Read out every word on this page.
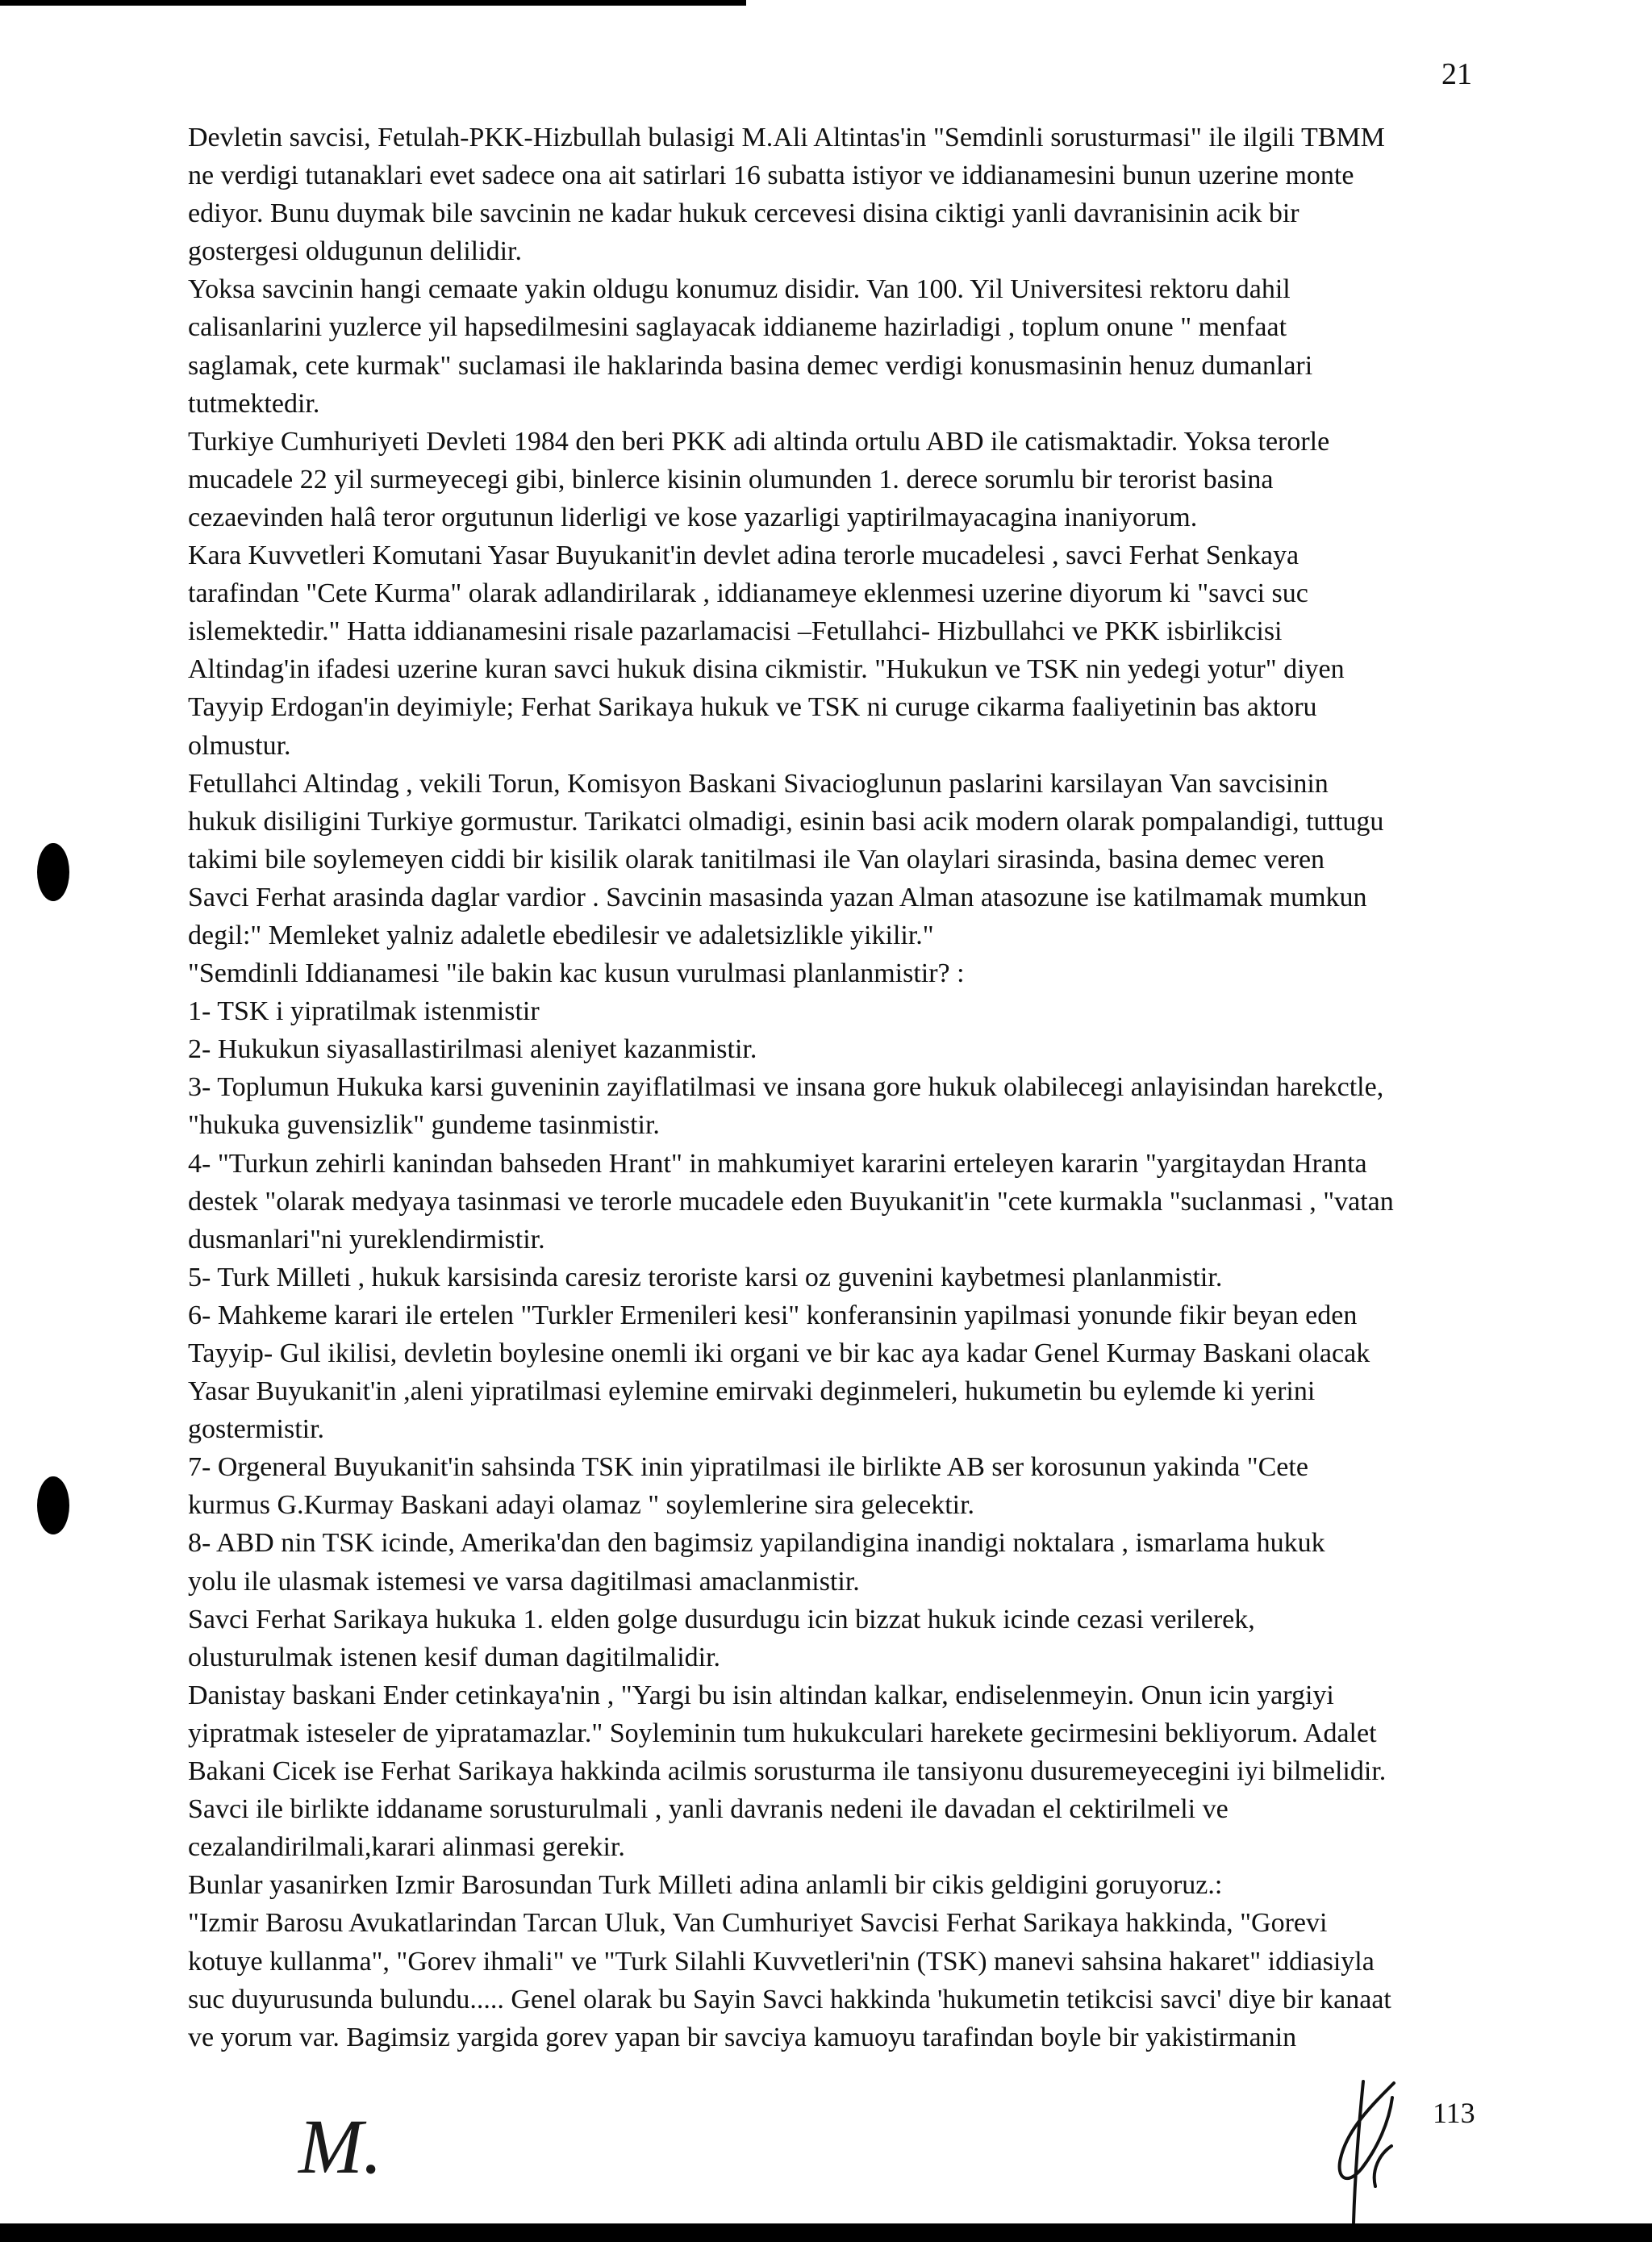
21

Devletin savcisi, Fetulah-PKK-Hizbullah bulasigi M.Ali Altintas'in "Semdinli sorusturmasi" ile ilgili TBMM

ne verdigi tutanaklari evet sadece ona ait satirlari 16 subatta istiyor ve iddianamesini bunun uzerine monte

ediyor. Bunu duymak bile savcinin ne kadar hukuk cercevesi disina ciktigi yanli davranisinin acik bir

gostergesi oldugunun delilidir.

Yoksa savcinin hangi cemaate yakin oldugu konumuz disidir. Van 100. Yil Universitesi rektoru dahil

calisanlarini yuzlerce yil hapsedilmesini saglayacak iddianeme hazirladigi , toplum onune " menfaat

saglamak, cete kurmak" suclamasi ile haklarinda basina demec verdigi konusmasinin henuz dumanlari

tutmektedir.

Turkiye Cumhuriyeti Devleti 1984 den beri PKK adi altinda ortulu ABD ile catismaktadir. Yoksa terorle

mucadele 22 yil surmeyecegi gibi, binlerce kisinin olumunden 1. derece sorumlu bir terorist basina

cezaevinden halâ teror orgutunun liderligi ve kose yazarligi yaptirilmayacagina inaniyorum.

Kara Kuvvetleri Komutani Yasar Buyukanit'in devlet adina terorle mucadelesi , savci Ferhat Senkaya

tarafindan "Cete Kurma" olarak adlandirilarak , iddianameye eklenmesi uzerine diyorum ki "savci suc

islemektedir." Hatta iddianamesini risale pazarlamacisi –Fetullahci- Hizbullahci ve PKK isbirlikcisi

Altindag'in ifadesi uzerine kuran savci hukuk disina cikmistir. "Hukukun ve TSK nin yedegi yotur" diyen

Tayyip Erdogan'in deyimiyle; Ferhat Sarikaya hukuk ve TSK ni curuge cikarma faaliyetinin bas aktoru

olmustur.

Fetullahci Altindag , vekili Torun, Komisyon Baskani Sivacioglunun paslarini karsilayan Van savcisinin

hukuk disiligini Turkiye gormustur. Tarikatci olmadigi, esinin basi acik modern olarak pompalandigi, tuttugu

takimi bile soylemeyen ciddi bir kisilik olarak tanitilmasi ile Van olaylari sirasinda, basina demec veren

Savci Ferhat arasinda daglar vardior . Savcinin masasinda yazan Alman atasozune ise katilmamak mumkun

degil:" Memleket yalniz adaletle ebedilesir ve adaletsizlikle yikilir."

"Semdinli Iddianamesi "ile bakin kac kusun vurulmasi planlanmistir? :

1- TSK i yipratilmak istenmistir

2- Hukukun siyasallastirilmasi aleniyet kazanmistir.

3- Toplumun Hukuka karsi guveninin zayiflatilmasi ve insana gore hukuk olabilecegi anlayisindan harekctle,

"hukuka guvensizlik" gundeme tasinmistir.

4- "Turkun zehirli kanindan bahseden Hrant" in mahkumiyet kararini erteleyen kararin "yargitaydan Hranta

destek "olarak medyaya tasinmasi ve terorle mucadele eden Buyukanit'in "cete kurmakla "suclanmasi , "vatan

dusmanlari"ni yureklendirmistir.

5- Turk Milleti , hukuk karsisinda caresiz teroriste karsi oz guvenini kaybetmesi planlanmistir.

6- Mahkeme karari ile ertelen "Turkler Ermenileri kesi" konferansinin yapilmasi yonunde fikir beyan eden

Tayyip- Gul ikilisi, devletin boylesine onemli iki organi ve bir kac aya kadar Genel Kurmay Baskani olacak

Yasar Buyukanit'in ,aleni yipratilmasi eylemine emirvaki deginmeleri, hukumetin bu eylemde ki yerini

gostermistir.

7- Orgeneral Buyukanit'in sahsinda TSK inin yipratilmasi ile birlikte AB ser korosunun yakinda "Cete

kurmus G.Kurmay Baskani adayi olamaz " soylemlerine sira gelecektir.

8- ABD nin TSK icinde, Amerika'dan den bagimsiz yapilandigina inandigi noktalara , ismarlama hukuk

yolu ile ulasmak istemesi ve varsa dagitilmasi amaclanmistir.

Savci Ferhat Sarikaya hukuka 1. elden golge dusurdugu icin bizzat hukuk icinde cezasi verilerek,

olusturulmak istenen kesif duman dagitilmalidir.

Danistay baskani Ender cetinkaya'nin , "Yargi bu isin altindan kalkar, endiselenmeyin. Onun icin yargiyi

yipratmak isteseler de yipratamazlar." Soyleminin tum hukukculari harekete gecirmesini bekliyorum. Adalet

Bakani Cicek ise Ferhat Sarikaya hakkinda acilmis sorusturma ile tansiyonu dusuremeyecegini iyi bilmelidir.

Savci ile birlikte iddaname sorusturulmali , yanli davranis nedeni ile davadan el cektirilmeli ve

cezalandirilmali,karari alinmasi gerekir.

Bunlar yasanirken Izmir Barosundan Turk Milleti adina anlamli bir cikis geldigini goruyoruz.:

"Izmir Barosu Avukatlarindan Tarcan Uluk, Van Cumhuriyet Savcisi Ferhat Sarikaya hakkinda, "Gorevi

kotuye kullanma", "Gorev ihmali" ve "Turk Silahli Kuvvetleri'nin (TSK) manevi sahsina hakaret" iddiasiyla

suc duyurusunda bulundu..... Genel olarak bu Sayin Savci hakkinda 'hukumetin tetikcisi savci' diye bir kanaat

ve yorum var. Bagimsiz yargida gorev yapan bir savciya kamuoyu tarafindan boyle bir yakistirmanin

M.	113
